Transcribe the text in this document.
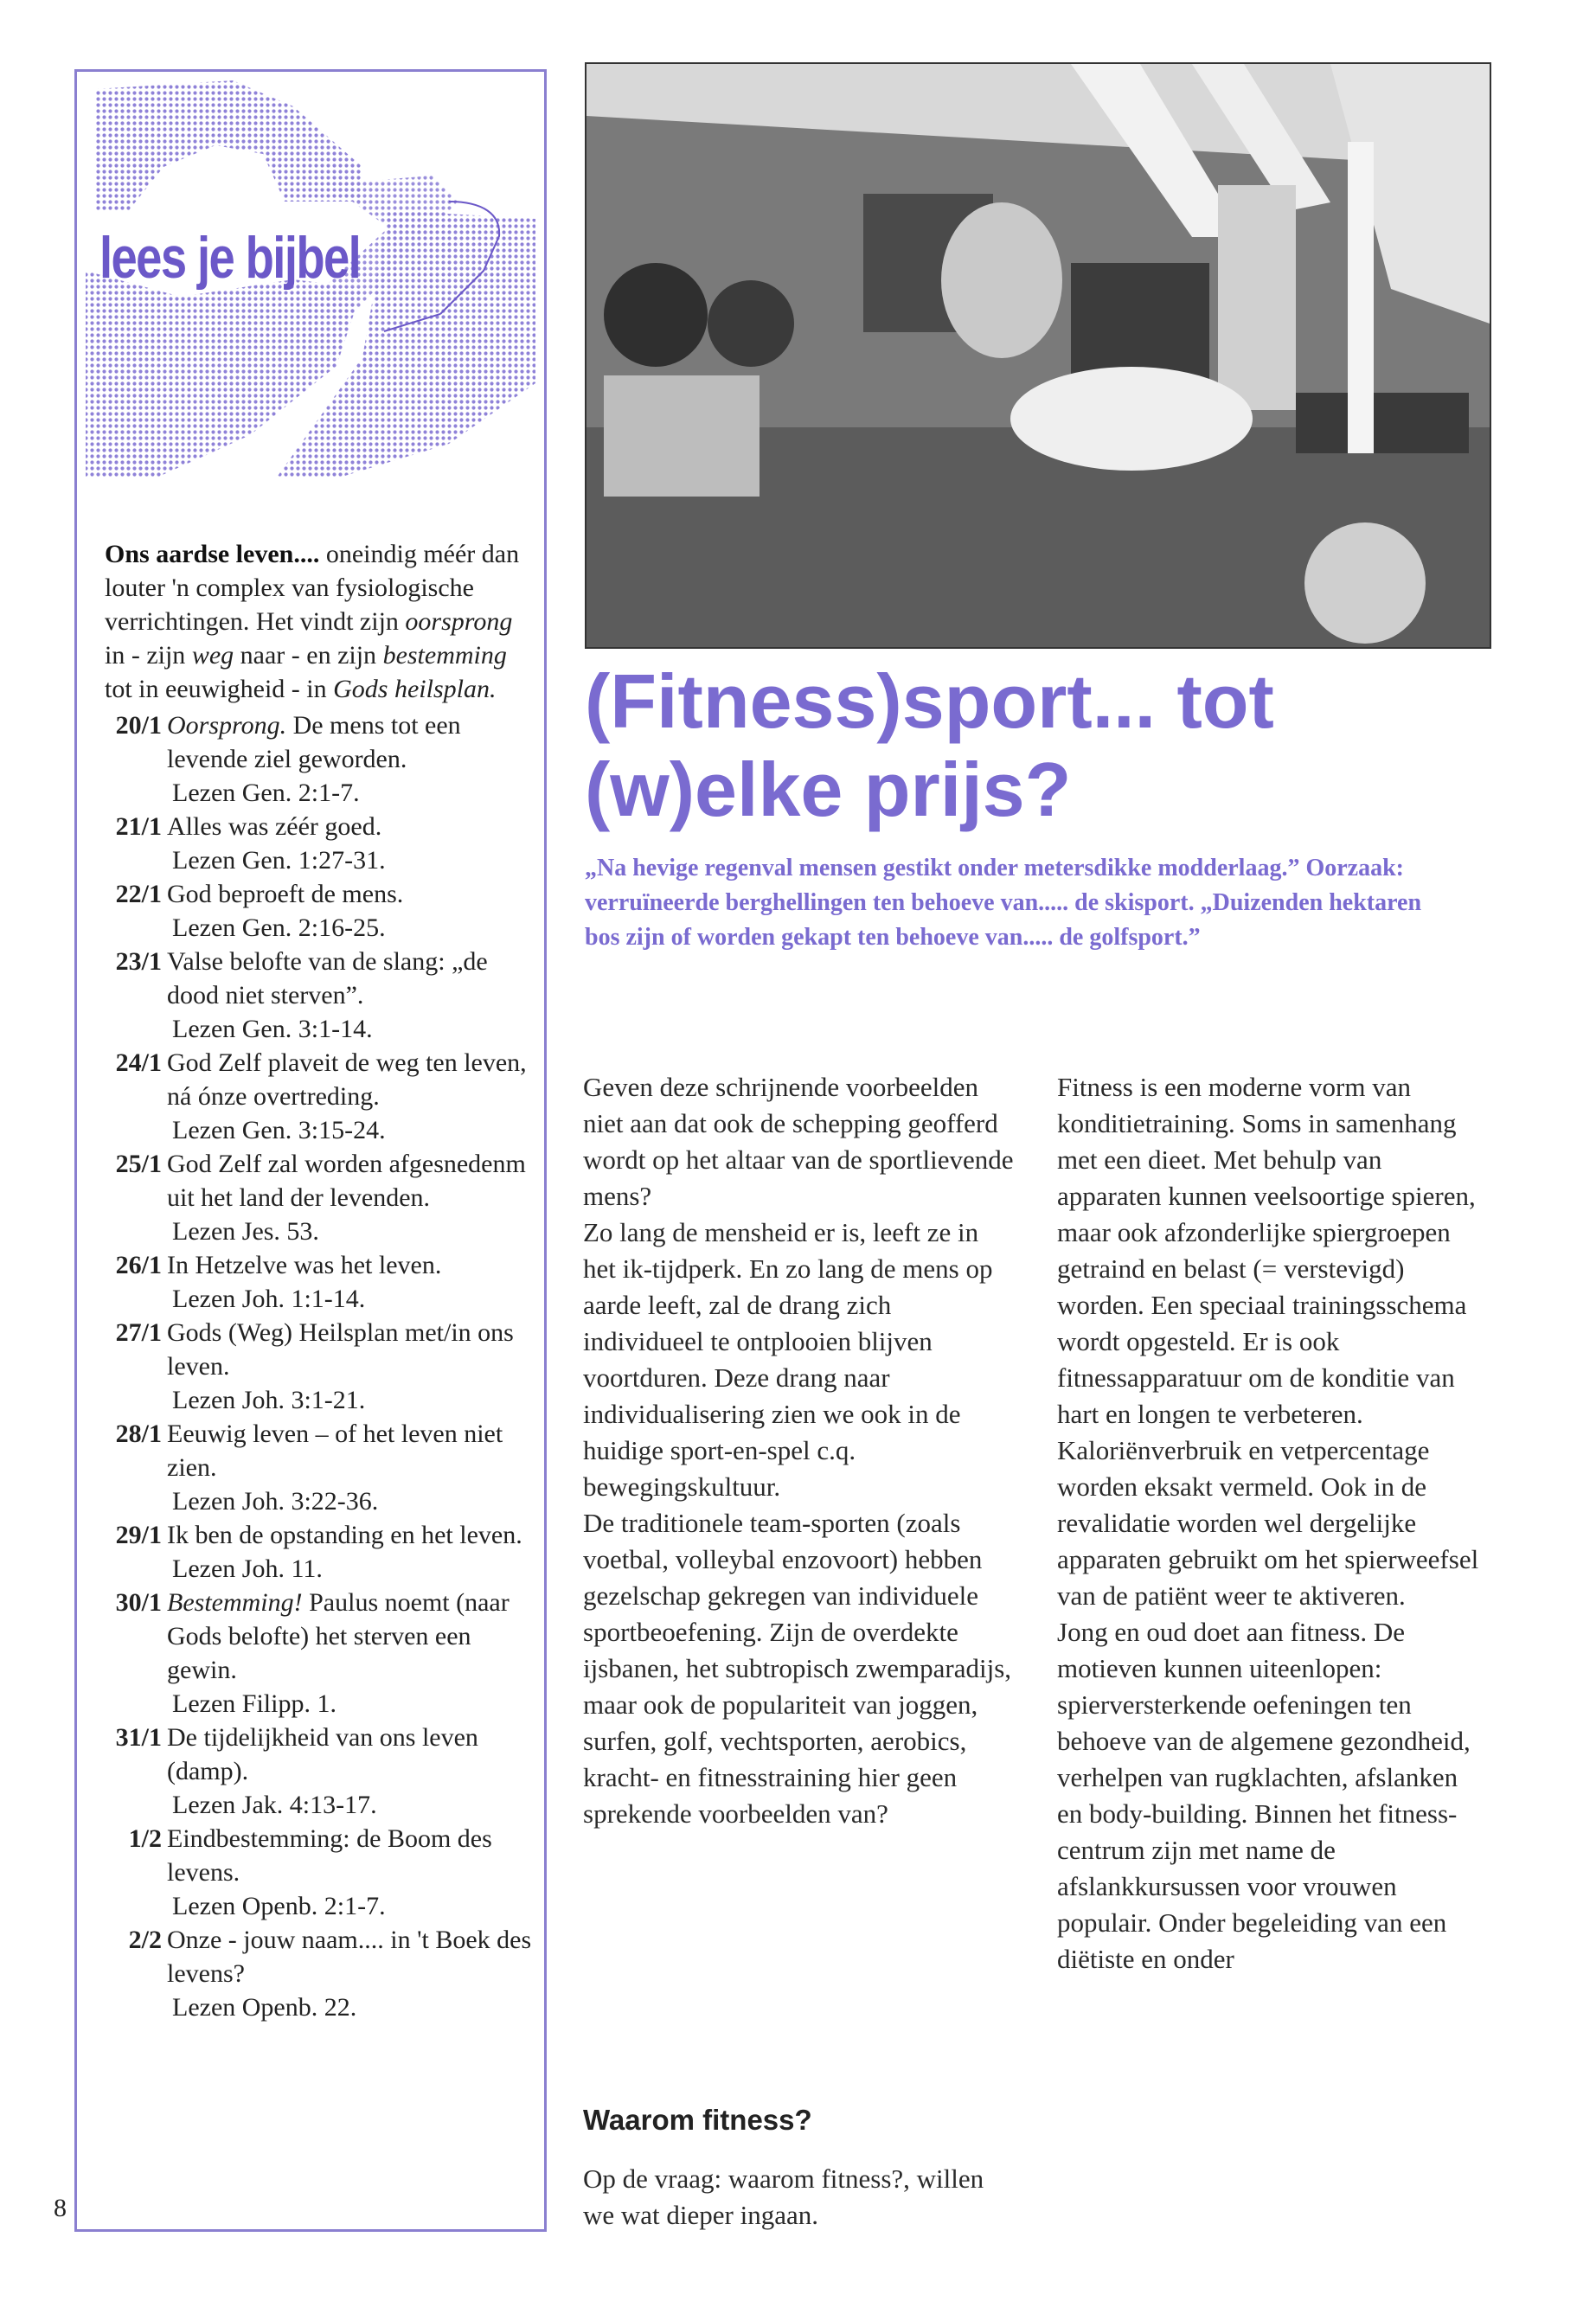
lees je bijbel

Ons aardse leven.... oneindig méér dan louter 'n complex van fysiologische verrichtingen. Het vindt zijn oorsprong in - zijn weg naar - en zijn bestemming tot in eeuwigheid - in Gods heilsplan.

20/1 Oorsprong. De mens tot een levende ziel geworden.
Lezen Gen. 2:1-7.
21/1 Alles was zéér goed.
Lezen Gen. 1:27-31.
22/1 God beproeft de mens.
Lezen Gen. 2:16-25.
23/1 Valse belofte van de slang: „de dood niet sterven”.
Lezen Gen. 3:1-14.
24/1 God Zelf plaveit de weg ten leven, ná ónze overtreding.
Lezen Gen. 3:15-24.
25/1 God Zelf zal worden afgesnedenm uit het land der levenden.
Lezen Jes. 53.
26/1 In Hetzelve was het leven.
Lezen Joh. 1:1-14.
27/1 Gods (Weg) Heilsplan met/in ons leven.
Lezen Joh. 3:1-21.
28/1 Eeuwig leven – of het leven niet zien.
Lezen Joh. 3:22-36.
29/1 Ik ben de opstanding en het leven.
Lezen Joh. 11.
30/1 Bestemming! Paulus noemt (naar Gods belofte) het sterven een gewin.
Lezen Filipp. 1.
31/1 De tijdelijkheid van ons leven (damp).
Lezen Jak. 4:13-17.
1/2 Eindbestemming: de Boom des levens.
Lezen Openb. 2:1-7.
2/2 Onze - jouw naam.... in 't Boek des levens?
Lezen Openb. 22.
8
(Fitness)sport... tot
(w)elke prijs?

„Na hevige regenval mensen gestikt onder metersdikke modderlaag.” Oorzaak: verruïneerde berghellingen ten behoeve van..... de skisport. „Duizenden hektaren bos zijn of worden gekapt ten behoeve van..... de golfsport.”

Geven deze schrijnende voorbeelden niet aan dat ook de schepping geofferd wordt op het altaar van de sportlievende mens?

Zo lang de mensheid er is, leeft ze in het ik-tijdperk. En zo lang de mens op aarde leeft, zal de drang zich individueel te ontplooien blijven voortduren. Deze drang naar individualisering zien we ook in de huidige sport-en-spel c.q. bewegingskultuur.

De traditionele team-sporten (zoals voetbal, volleybal enzovoort) hebben gezelschap gekregen van individuele sportbeoefening. Zijn de overdekte ijsbanen, het subtropisch zwemparadijs, maar ook de populariteit van joggen, surfen, golf, vechtsporten, aerobics, kracht- en fitnesstraining hier geen sprekende voorbeelden van?

Waarom fitness?

Op de vraag: waarom fitness?, willen we wat dieper ingaan.

Fitness is een moderne vorm van konditietraining. Soms in samenhang met een dieet. Met behulp van apparaten kunnen veelsoortige spieren, maar ook afzonderlijke spiergroepen getraind en belast (= verstevigd) worden. Een speciaal trainingsschema wordt opgesteld. Er is ook fitnessapparatuur om de konditie van hart en longen te verbeteren.

Kaloriënverbruik en vetpercentage worden eksakt vermeld. Ook in de revalidatie worden wel dergelijke apparaten gebruikt om het spierweefsel van de patiënt weer te aktiveren.

Jong en oud doet aan fitness. De motieven kunnen uiteenlopen: spierversterkende oefeningen ten behoeve van de algemene gezondheid, verhelpen van rugklachten, afslanken en body-building. Binnen het fitness-centrum zijn met name de afslankkursussen voor vrouwen populair. Onder begeleiding van een diëtiste en onder
